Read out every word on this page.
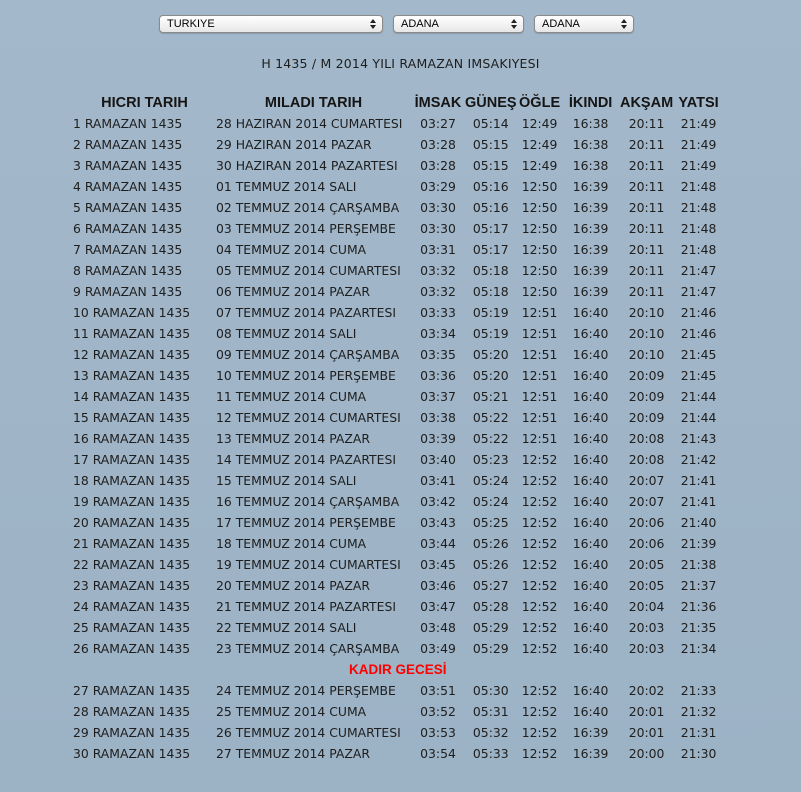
TURKIYE	ADANA	ADANA
H 1435 / M 2014 YILI RAMAZAN IMSAKIYESI
HICRI TARIH	MILADI TARIH	İMSAK	GÜNEŞ	ÖĞLE	İKINDI	AKŞAM	YATSI
1 RAMAZAN 1435	28 HAZIRAN 2014 CUMARTESI	03:27	05:14	12:49	16:38	20:11	21:49
2 RAMAZAN 1435	29 HAZIRAN 2014 PAZAR	03:28	05:15	12:49	16:38	20:11	21:49
3 RAMAZAN 1435	30 HAZIRAN 2014 PAZARTESI	03:28	05:15	12:49	16:38	20:11	21:49
4 RAMAZAN 1435	01 TEMMUZ 2014 SALI	03:29	05:16	12:50	16:39	20:11	21:48
5 RAMAZAN 1435	02 TEMMUZ 2014 ÇARŞAMBA	03:30	05:16	12:50	16:39	20:11	21:48
6 RAMAZAN 1435	03 TEMMUZ 2014 PERŞEMBE	03:30	05:17	12:50	16:39	20:11	21:48
7 RAMAZAN 1435	04 TEMMUZ 2014 CUMA	03:31	05:17	12:50	16:39	20:11	21:48
8 RAMAZAN 1435	05 TEMMUZ 2014 CUMARTESI	03:32	05:18	12:50	16:39	20:11	21:47
9 RAMAZAN 1435	06 TEMMUZ 2014 PAZAR	03:32	05:18	12:50	16:39	20:11	21:47
10 RAMAZAN 1435	07 TEMMUZ 2014 PAZARTESI	03:33	05:19	12:51	16:40	20:10	21:46
11 RAMAZAN 1435	08 TEMMUZ 2014 SALI	03:34	05:19	12:51	16:40	20:10	21:46
12 RAMAZAN 1435	09 TEMMUZ 2014 ÇARŞAMBA	03:35	05:20	12:51	16:40	20:10	21:45
13 RAMAZAN 1435	10 TEMMUZ 2014 PERŞEMBE	03:36	05:20	12:51	16:40	20:09	21:45
14 RAMAZAN 1435	11 TEMMUZ 2014 CUMA	03:37	05:21	12:51	16:40	20:09	21:44
15 RAMAZAN 1435	12 TEMMUZ 2014 CUMARTESI	03:38	05:22	12:51	16:40	20:09	21:44
16 RAMAZAN 1435	13 TEMMUZ 2014 PAZAR	03:39	05:22	12:51	16:40	20:08	21:43
17 RAMAZAN 1435	14 TEMMUZ 2014 PAZARTESI	03:40	05:23	12:52	16:40	20:08	21:42
18 RAMAZAN 1435	15 TEMMUZ 2014 SALI	03:41	05:24	12:52	16:40	20:07	21:41
19 RAMAZAN 1435	16 TEMMUZ 2014 ÇARŞAMBA	03:42	05:24	12:52	16:40	20:07	21:41
20 RAMAZAN 1435	17 TEMMUZ 2014 PERŞEMBE	03:43	05:25	12:52	16:40	20:06	21:40
21 RAMAZAN 1435	18 TEMMUZ 2014 CUMA	03:44	05:26	12:52	16:40	20:06	21:39
22 RAMAZAN 1435	19 TEMMUZ 2014 CUMARTESI	03:45	05:26	12:52	16:40	20:05	21:38
23 RAMAZAN 1435	20 TEMMUZ 2014 PAZAR	03:46	05:27	12:52	16:40	20:05	21:37
24 RAMAZAN 1435	21 TEMMUZ 2014 PAZARTESI	03:47	05:28	12:52	16:40	20:04	21:36
25 RAMAZAN 1435	22 TEMMUZ 2014 SALI	03:48	05:29	12:52	16:40	20:03	21:35
26 RAMAZAN 1435	23 TEMMUZ 2014 ÇARŞAMBA	03:49	05:29	12:52	16:40	20:03	21:34
KADIR GECESİ							
27 RAMAZAN 1435	24 TEMMUZ 2014 PERŞEMBE	03:51	05:30	12:52	16:40	20:02	21:33
28 RAMAZAN 1435	25 TEMMUZ 2014 CUMA	03:52	05:31	12:52	16:40	20:01	21:32
29 RAMAZAN 1435	26 TEMMUZ 2014 CUMARTESI	03:53	05:32	12:52	16:39	20:01	21:31
30 RAMAZAN 1435	27 TEMMUZ 2014 PAZAR	03:54	05:33	12:52	16:39	20:00	21:30
